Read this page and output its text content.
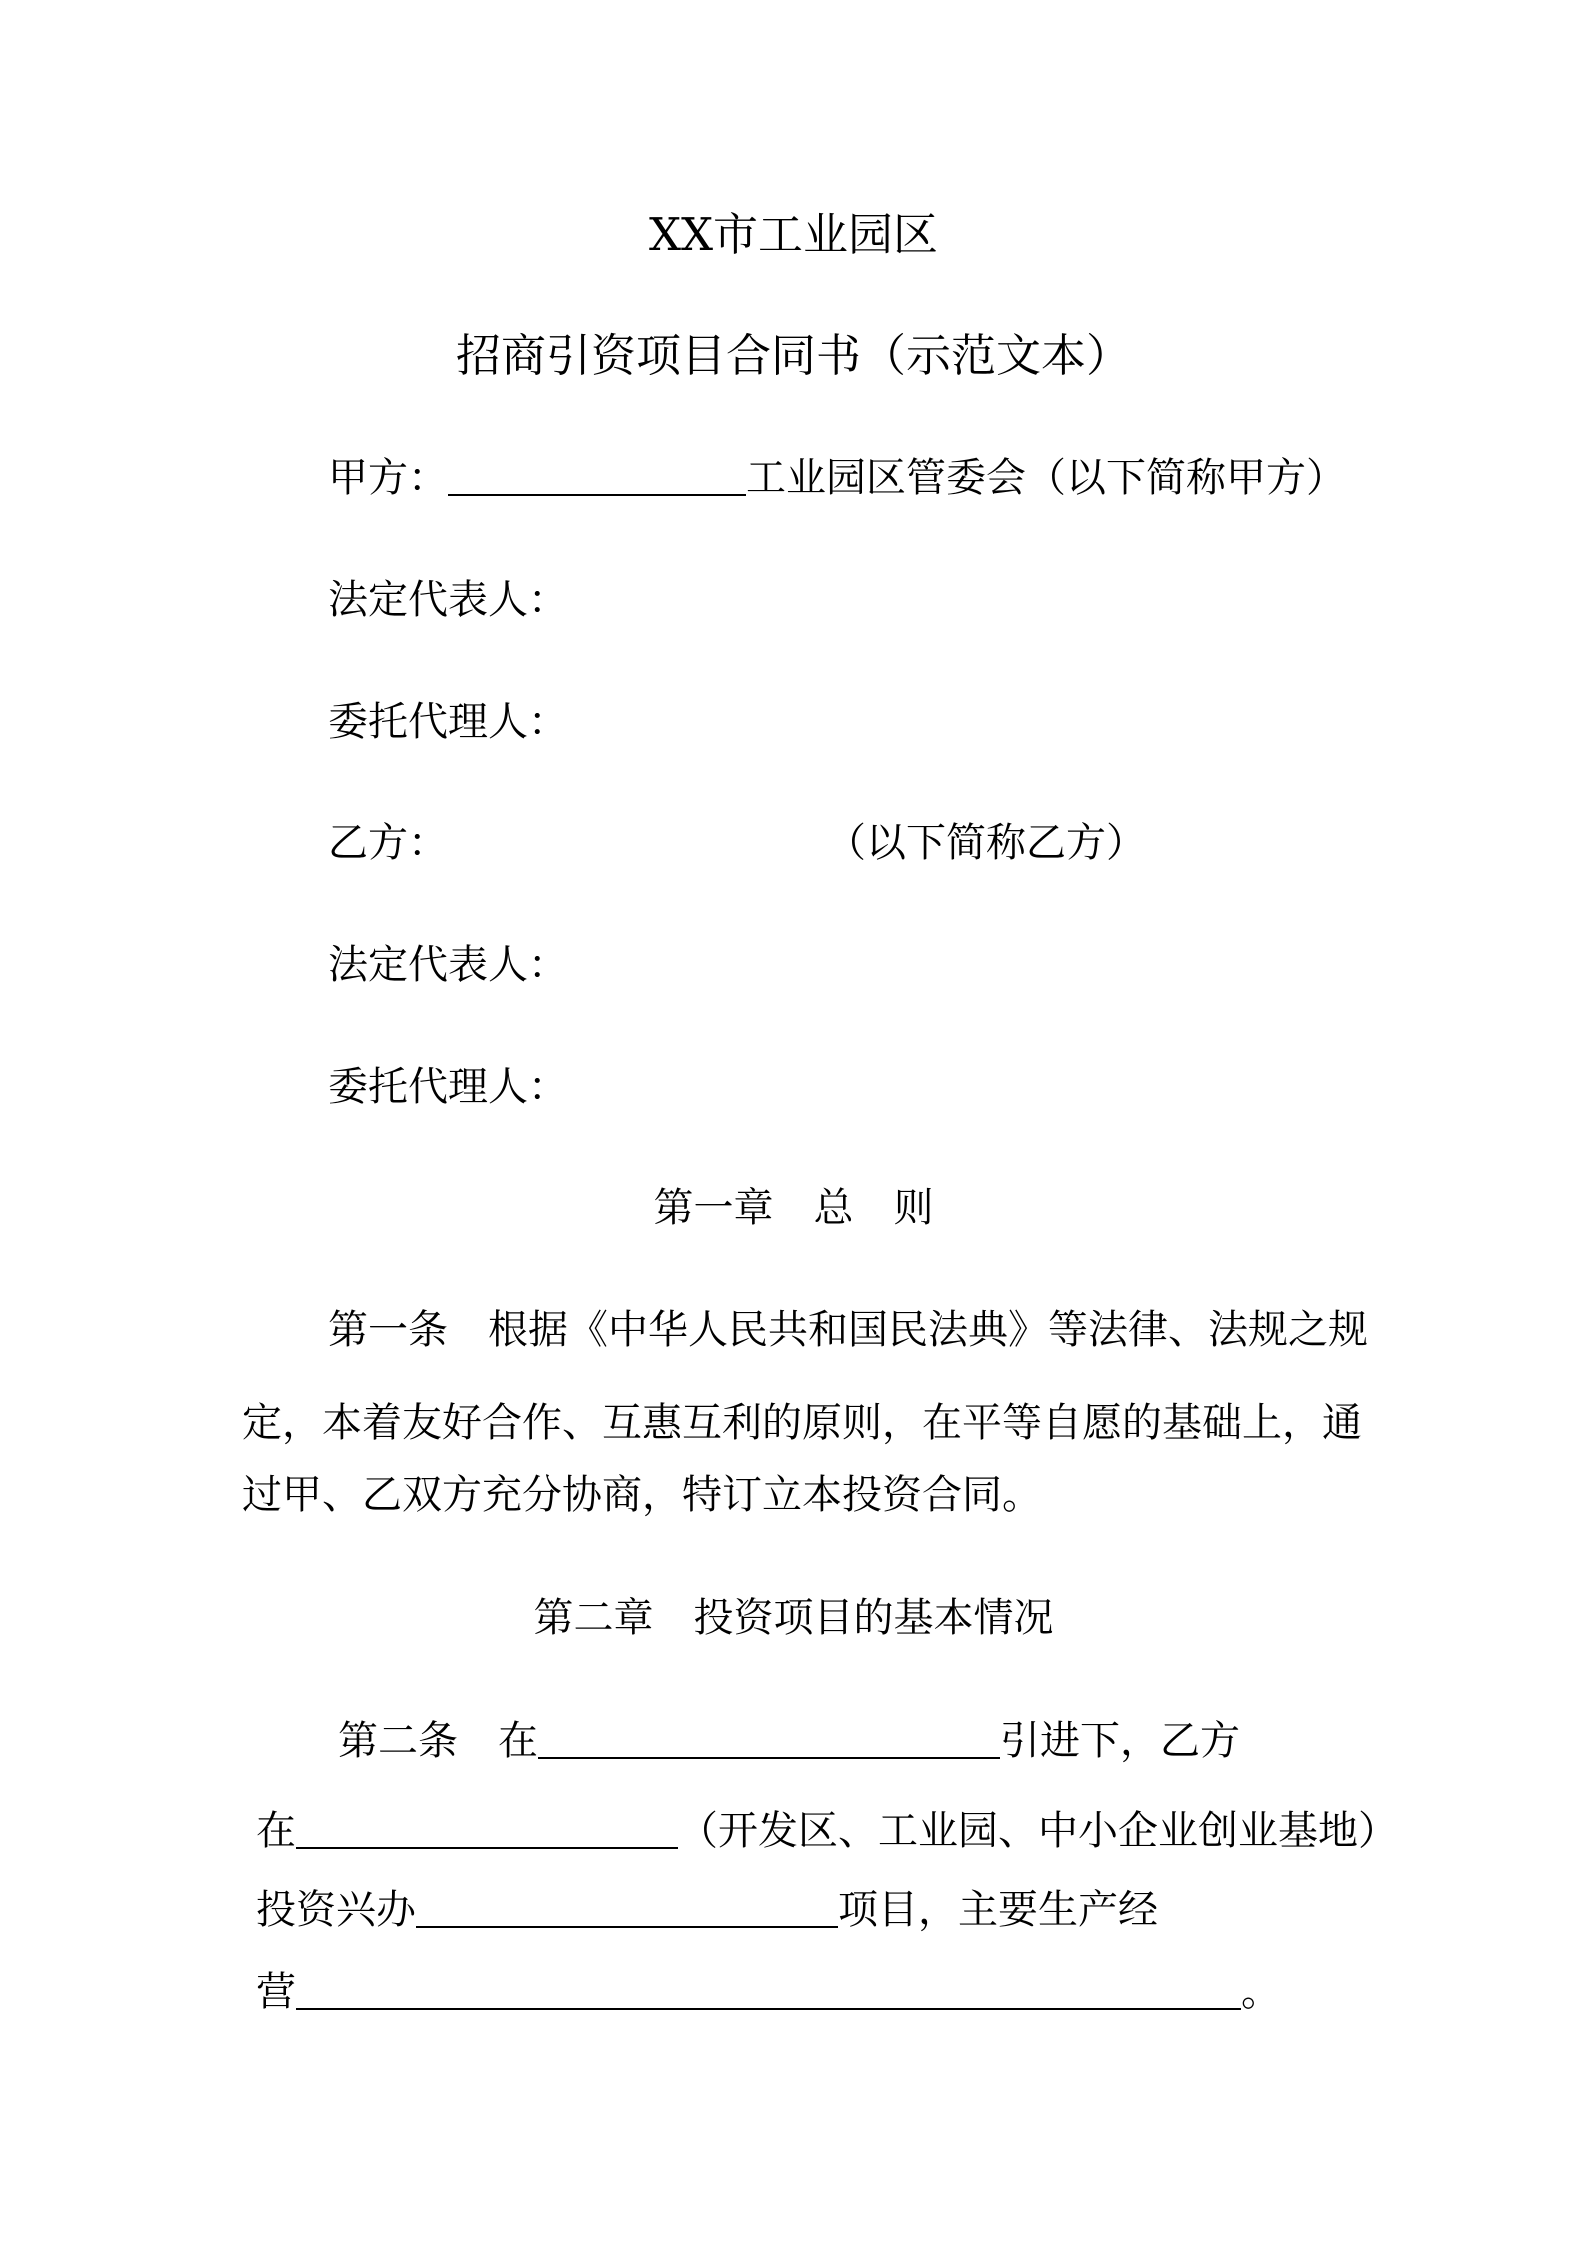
XX市工业园区
招商引资项目合同书（示范文本）
甲方：	工业园区管委会（以下简称甲方）
法定代表人：
委托代理人：
乙方：	（以下简称乙方）
法定代表人：
委托代理人：
第一章 总 则
第一条 根据《中华人民共和国民法典》等法律、法规之规
定，本着友好合作、互惠互利的原则，在平等自愿的基础上，通
过甲、乙双方充分协商，特订立本投资合同。
第二章 投资项目的基本情况
第二条 在	引进下，乙方
在	（开发区、工业园、中小企业创业基地）
投资兴办	项目，主要生产经
营	。
